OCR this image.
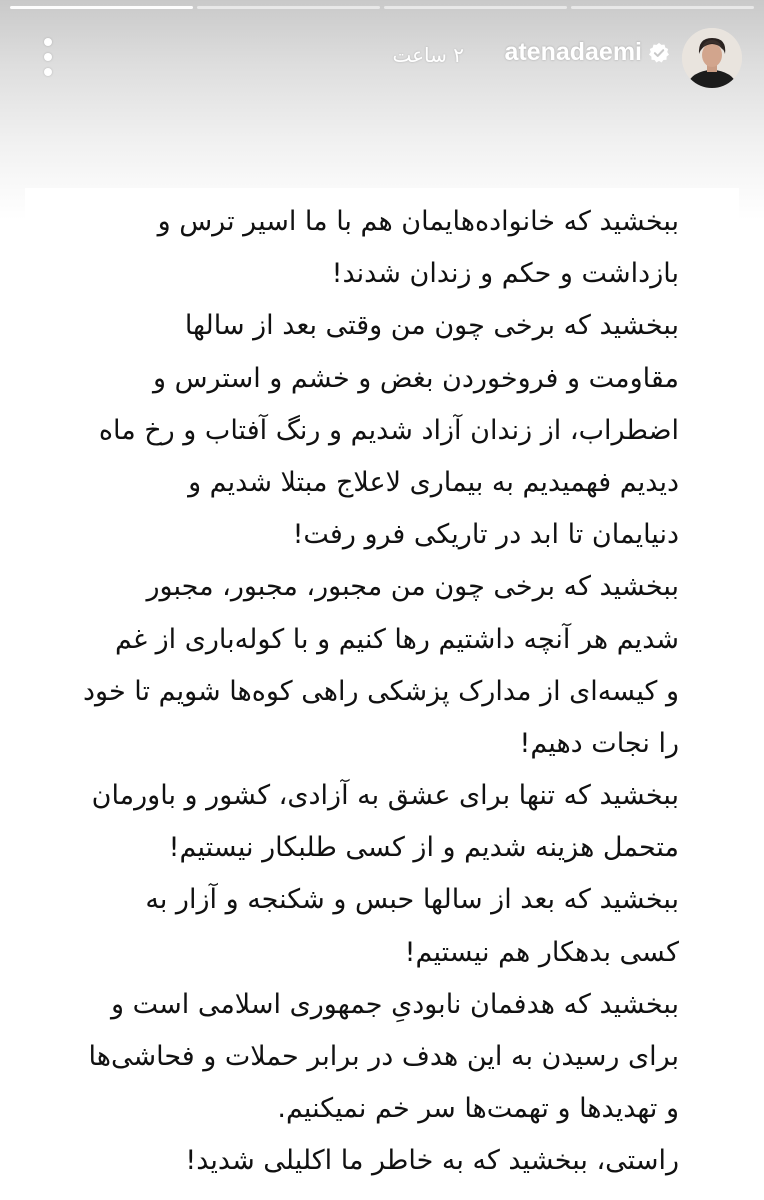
atenadaemi
۲ ساعت
ببخشید که خانواده‌هایمان هم با ما اسیر ترس و
بازداشت و حکم و زندان شدند!
ببخشید که برخی چون من وقتی بعد از سالها
مقاومت و فروخوردن بغض و خشم و استرس و
اضطراب، از زندان آزاد شدیم و رنگ آفتاب و رخ ماه
دیدیم فهمیدیم به بیماری لاعلاج مبتلا شدیم و
دنیایمان تا ابد در تاریکی فرو رفت!
ببخشید که برخی چون من مجبور، مجبور، مجبور
شدیم هر آنچه داشتیم رها کنیم و با کوله‌باری از غم
و کیسه‌ای از مدارک پزشکی راهی کوه‌ها شویم تا خود
را نجات دهیم!
ببخشید که تنها برای عشق به آزادی، کشور و باورمان
متحمل هزینه شدیم و از کسی طلبکار نیستیم!
ببخشید که بعد از سالها حبس و شکنجه و آزار به
کسی بدهکار هم نیستیم!
ببخشید که هدفمان نابودیِ جمهوری اسلامی است و
برای رسیدن به این هدف در برابر حملات و فحاشی‌ها
و تهدیدها و تهمت‌ها سر خم نمیکنیم.
راستی، ببخشید که به خاطر ما اکلیلی شدید!
